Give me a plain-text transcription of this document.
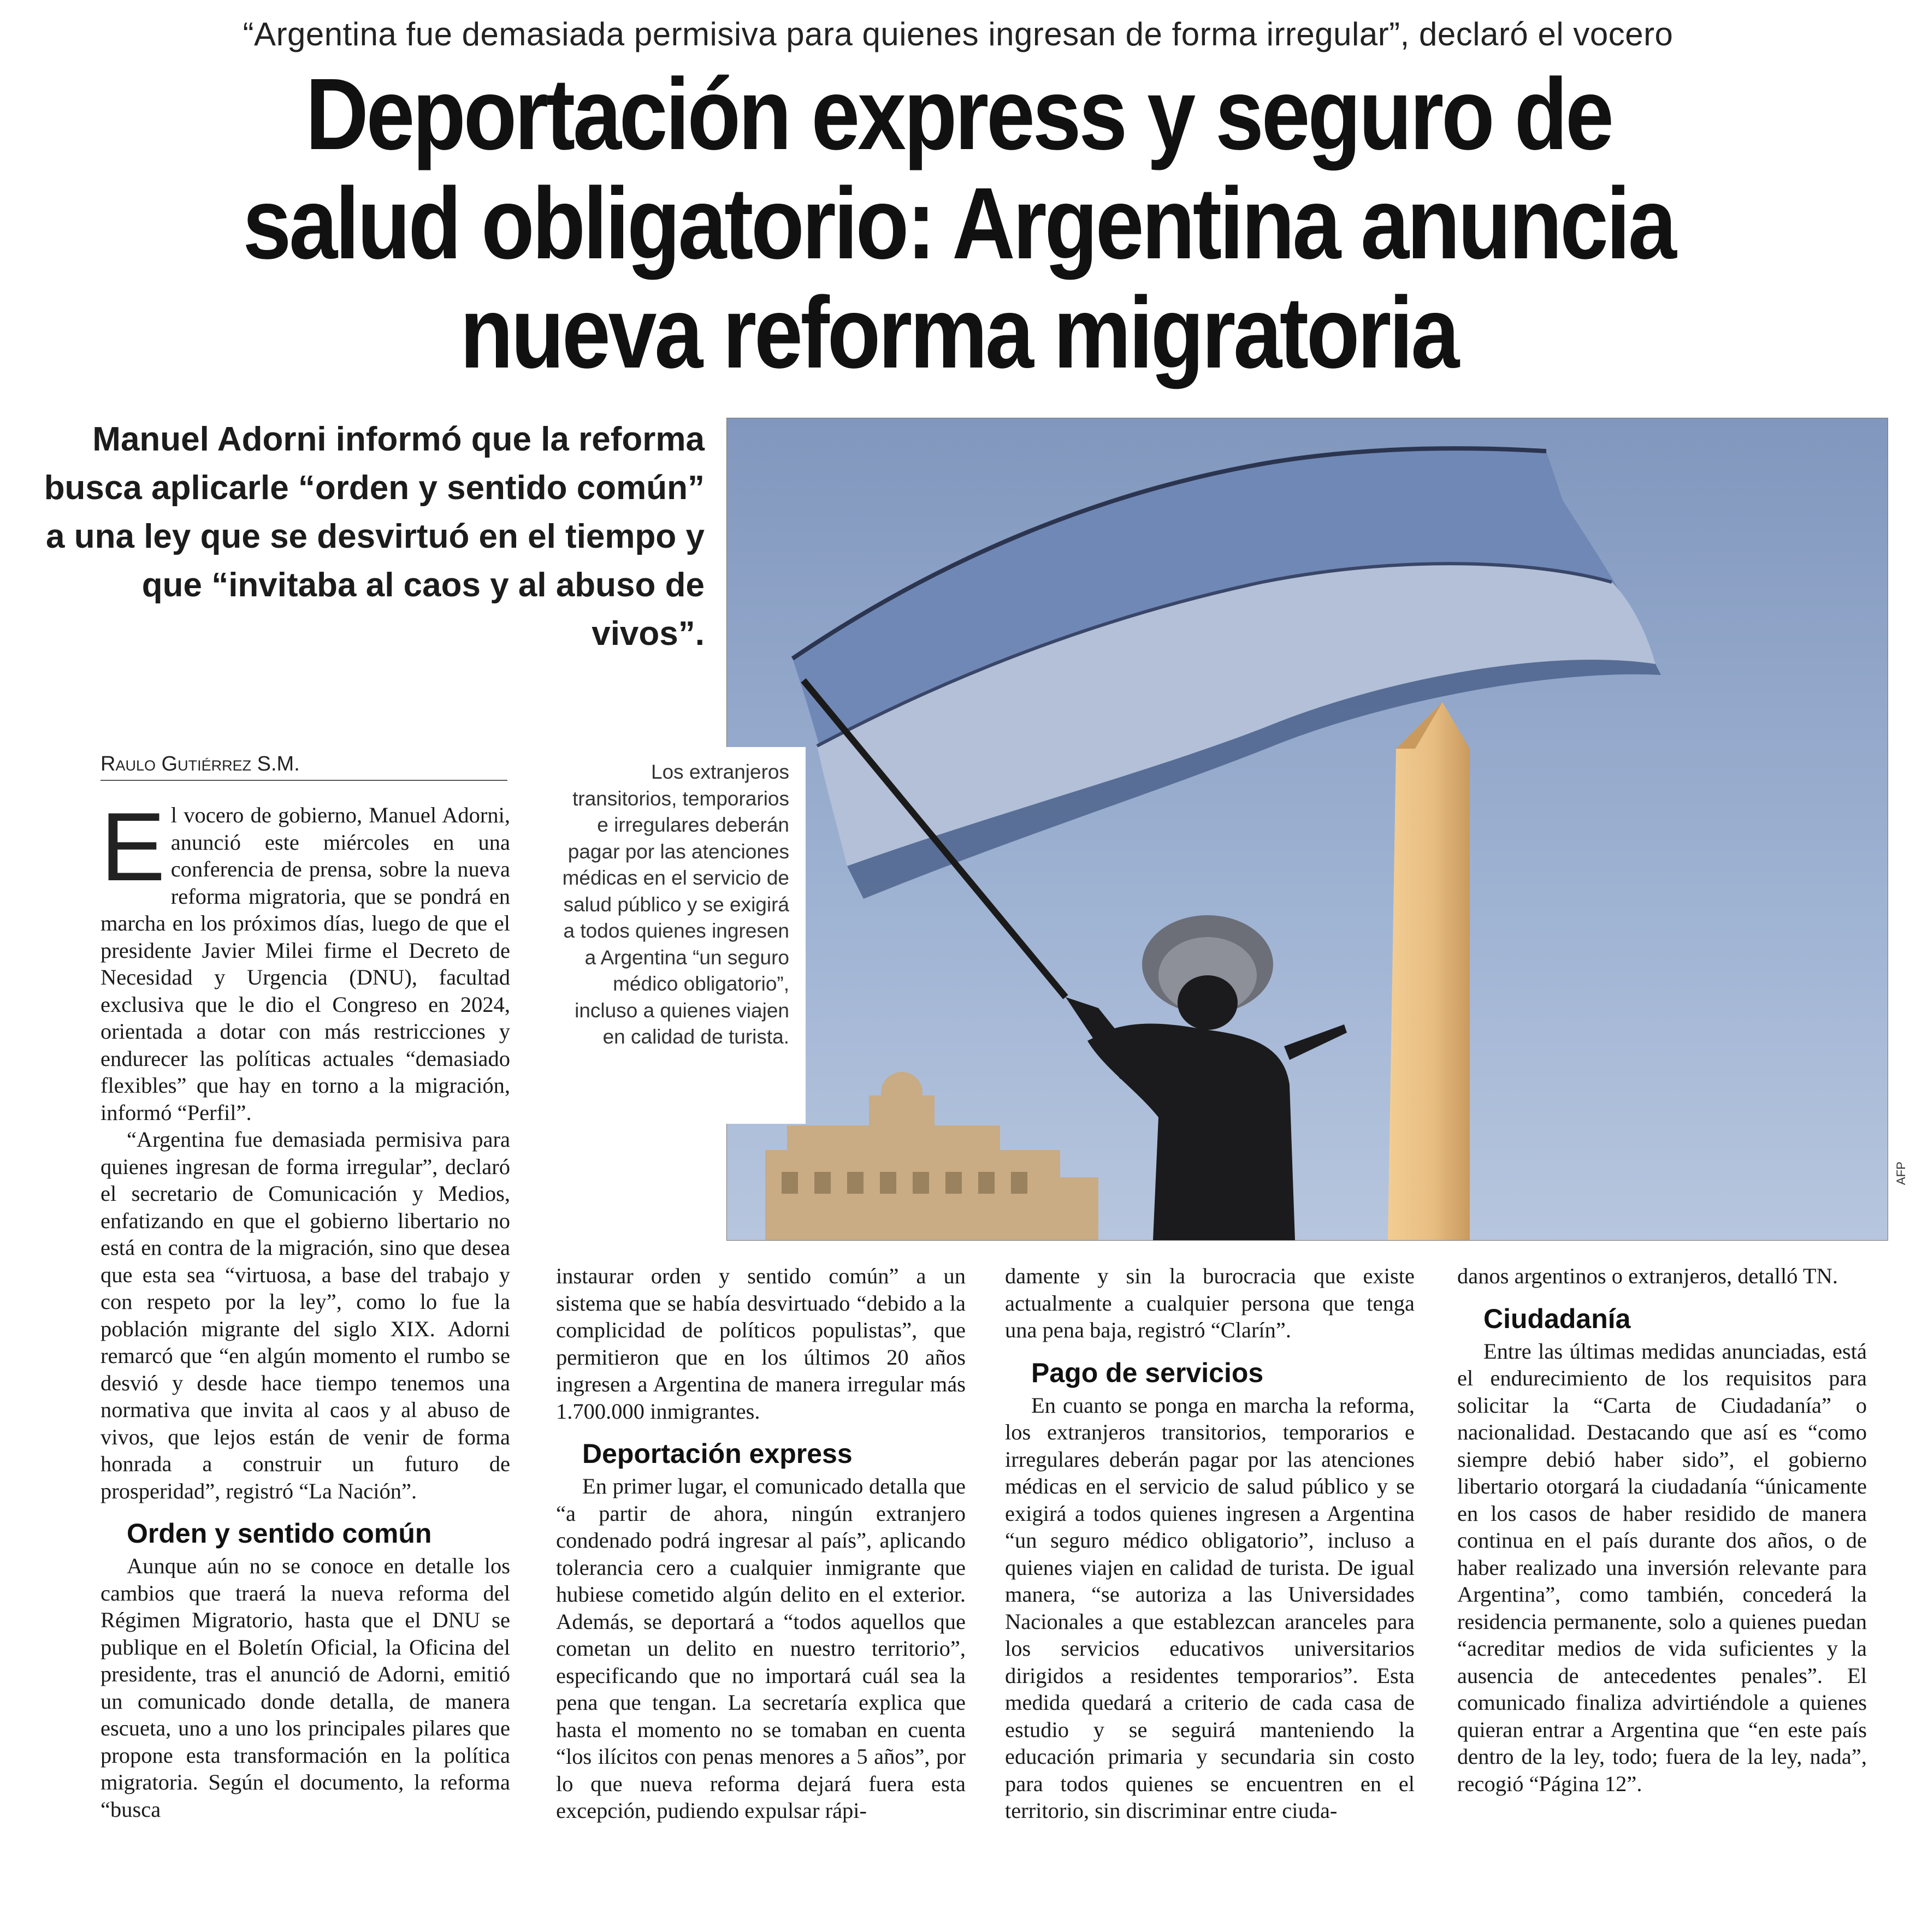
“Argentina fue demasiada permisiva para quienes ingresan de forma irregular”, declaró el vocero
Deportación express y seguro de
salud obligatorio: Argentina anuncia
nueva reforma migratoria
Manuel Adorni informó que la reforma busca aplicarle “orden y sentido común” a una ley que se desvirtuó en el tiempo y que “invitaba al caos y al abuso de vivos”.
AFP
Los extranjeros transitorios, temporarios e irregulares deberán pagar por las atenciones médicas en el servicio de salud público y se exigirá a todos quienes ingresen a Argentina “un seguro médico obligatorio”, incluso a quienes viajen en calidad de turista.
Raulo Gutiérrez S.M.
E l vocero de gobierno, Manuel Adorni, anunció este miércoles en una conferencia de prensa, sobre la nueva reforma migratoria, que se pondrá en marcha en los próximos días, luego de que el presidente Javier Milei firme el Decreto de Necesidad y Urgencia (DNU), facultad exclusiva que le dio el Congreso en 2024, orientada a dotar con más restricciones y endurecer las políticas actuales “demasiado flexibles” que hay en torno a la migración, informó “Perfil”.

“Argentina fue demasiada permisiva para quienes ingresan de forma irregular”, declaró el secretario de Comunicación y Medios, enfatizando en que el gobierno libertario no está en contra de la migración, sino que desea que esta sea “virtuosa, a base del trabajo y con respeto por la ley”, como lo fue la población migrante del siglo XIX. Adorni remarcó que “en algún momento el rumbo se desvió y desde hace tiempo tenemos una normativa que invita al caos y al abuso de vivos, que lejos están de venir de forma honrada a construir un futuro de prosperidad”, registró “La Nación”.

Orden y sentido común

Aunque aún no se conoce en detalle los cambios que traerá la nueva reforma del Régimen Migratorio, hasta que el DNU se publique en el Boletín Oficial, la Oficina del presidente, tras el anunció de Adorni, emitió un comunicado donde detalla, de manera escueta, uno a uno los principales pilares que propone esta transformación en la política migratoria. Según el documento, la reforma “busca

instaurar orden y sentido común” a un sistema que se había desvirtuado “debido a la complicidad de políticos populistas”, que permitieron que en los últimos 20 años ingresen a Argentina de manera irregular más 1.700.000 inmigrantes.

Deportación express

En primer lugar, el comunicado detalla que “a partir de ahora, ningún extranjero condenado podrá ingresar al país”, aplicando tolerancia cero a cualquier inmigrante que hubiese cometido algún delito en el exterior. Además, se deportará a “todos aquellos que cometan un delito en nuestro territorio”, especificando que no importará cuál sea la pena que tengan. La secretaría explica que hasta el momento no se tomaban en cuenta “los ilícitos con penas menores a 5 años”, por lo que nueva reforma dejará fuera esta excepción, pudiendo expulsar rápi-

damente y sin la burocracia que existe actualmente a cualquier persona que tenga una pena baja, registró “Clarín”.

Pago de servicios

En cuanto se ponga en marcha la reforma, los extranjeros transitorios, temporarios e irregulares deberán pagar por las atenciones médicas en el servicio de salud público y se exigirá a todos quienes ingresen a Argentina “un seguro médico obligatorio”, incluso a quienes viajen en calidad de turista. De igual manera, “se autoriza a las Universidades Nacionales a que establezcan aranceles para los servicios educativos universitarios dirigidos a residentes temporarios”. Esta medida quedará a criterio de cada casa de estudio y se seguirá manteniendo la educación primaria y secundaria sin costo para todos quienes se encuentren en el territorio, sin discriminar entre ciuda-

danos argentinos o extranjeros, detalló TN.

Ciudadanía

Entre las últimas medidas anunciadas, está el endurecimiento de los requisitos para solicitar la “Carta de Ciudadanía” o nacionalidad. Destacando que así es “como siempre debió haber sido”, el gobierno libertario otorgará la ciudadanía “únicamente en los casos de haber residido de manera continua en el país durante dos años, o de haber realizado una inversión relevante para Argentina”, como también, concederá la residencia permanente, solo a quienes puedan “acreditar medios de vida suficientes y la ausencia de antecedentes penales”. El comunicado finaliza advirtiéndole a quienes quieran entrar a Argentina que “en este país dentro de la ley, todo; fuera de la ley, nada”, recogió “Página 12”.
